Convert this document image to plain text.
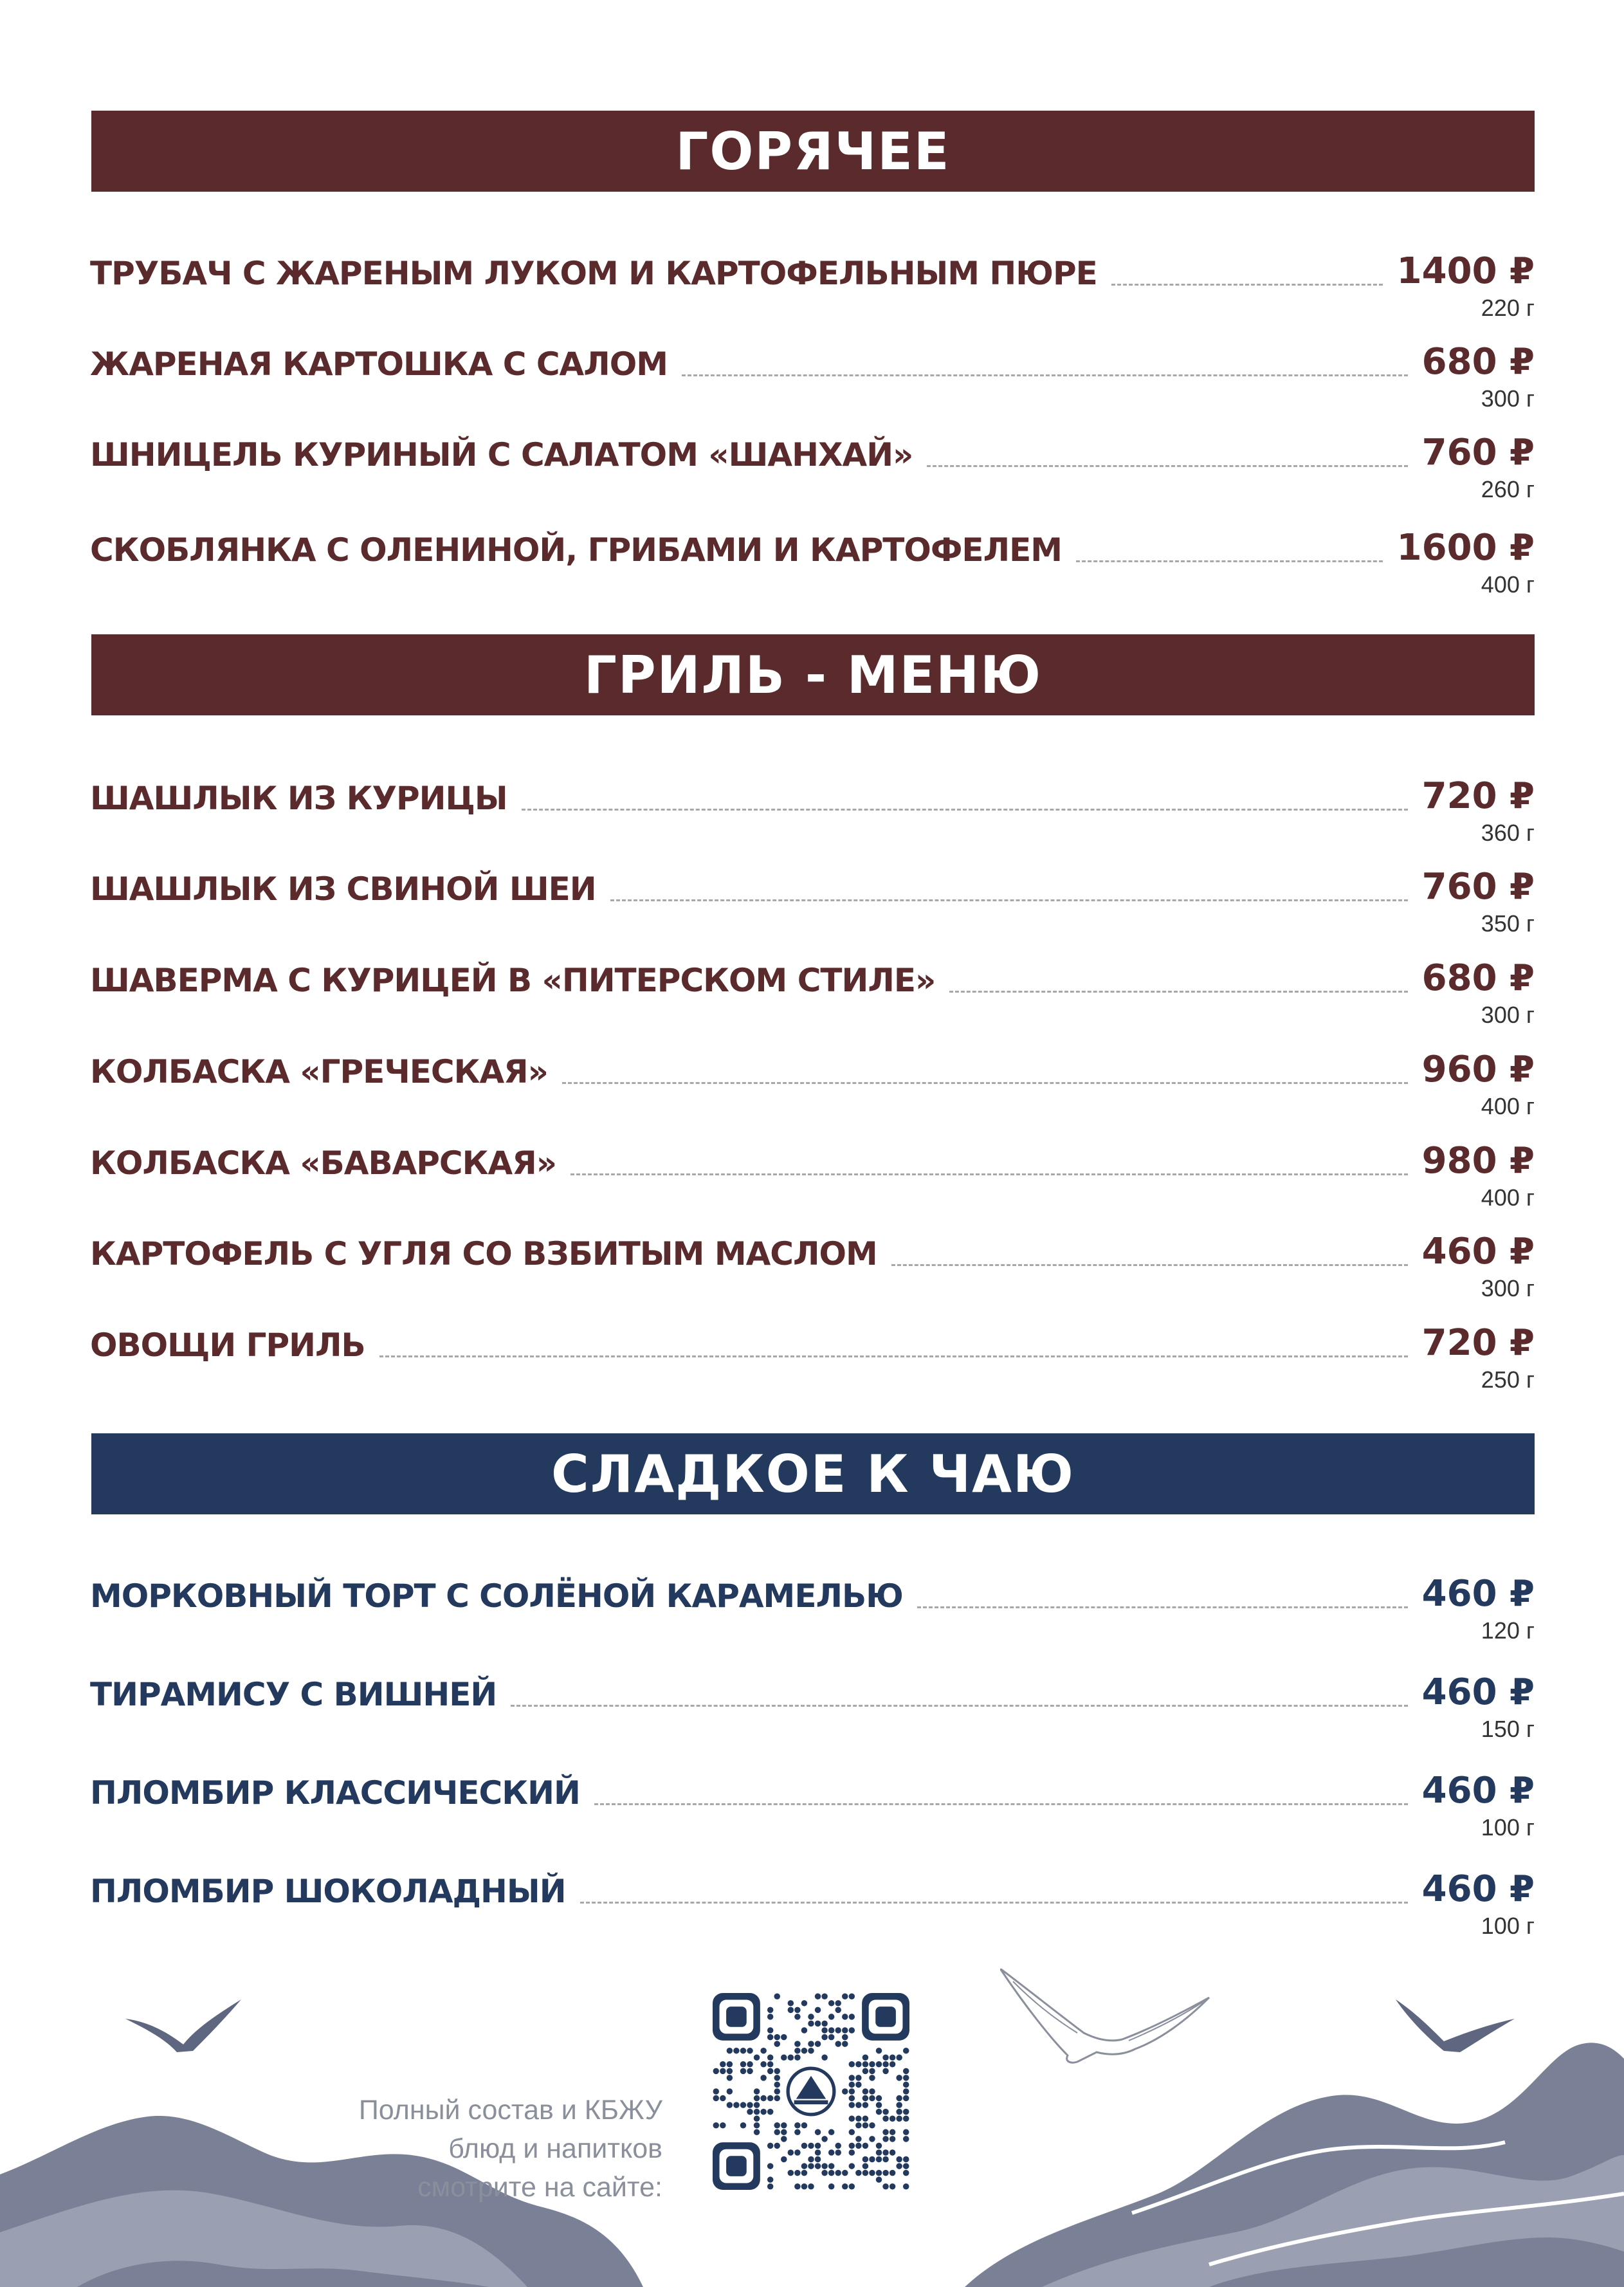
ГОРЯЧЕЕ
ТРУБАЧ С ЖАРЕНЫМ ЛУКОМ И КАРТОФЕЛЬНЫМ ПЮРЕ	1400 ₽
220 г
ЖАРЕНАЯ КАРТОШКА С САЛОМ	680 ₽
300 г
ШНИЦЕЛЬ КУРИНЫЙ С САЛАТОМ «ШАНХАЙ»	760 ₽
260 г
СКОБЛЯНКА С ОЛЕНИНОЙ, ГРИБАМИ И КАРТОФЕЛЕМ	1600 ₽
400 г
ГРИЛЬ - МЕНЮ
ШАШЛЫК ИЗ КУРИЦЫ	720 ₽
360 г
ШАШЛЫК ИЗ СВИНОЙ ШЕИ	760 ₽
350 г
ШАВЕРМА С КУРИЦЕЙ В «ПИТЕРСКОМ СТИЛЕ»	680 ₽
300 г
КОЛБАСКА «ГРЕЧЕСКАЯ»	960 ₽
400 г
КОЛБАСКА «БАВАРСКАЯ»	980 ₽
400 г
КАРТОФЕЛЬ С УГЛЯ СО ВЗБИТЫМ МАСЛОМ	460 ₽
300 г
ОВОЩИ ГРИЛЬ	720 ₽
250 г
СЛАДКОЕ К ЧАЮ
МОРКОВНЫЙ ТОРТ С СОЛЁНОЙ КАРАМЕЛЬЮ	460 ₽
120 г
ТИРАМИСУ С ВИШНЕЙ	460 ₽
150 г
ПЛОМБИР КЛАССИЧЕСКИЙ	460 ₽
100 г
ПЛОМБИР ШОКОЛАДНЫЙ	460 ₽
100 г
Полный состав и КБЖУ
блюд и напитков
смотрите на сайте:
